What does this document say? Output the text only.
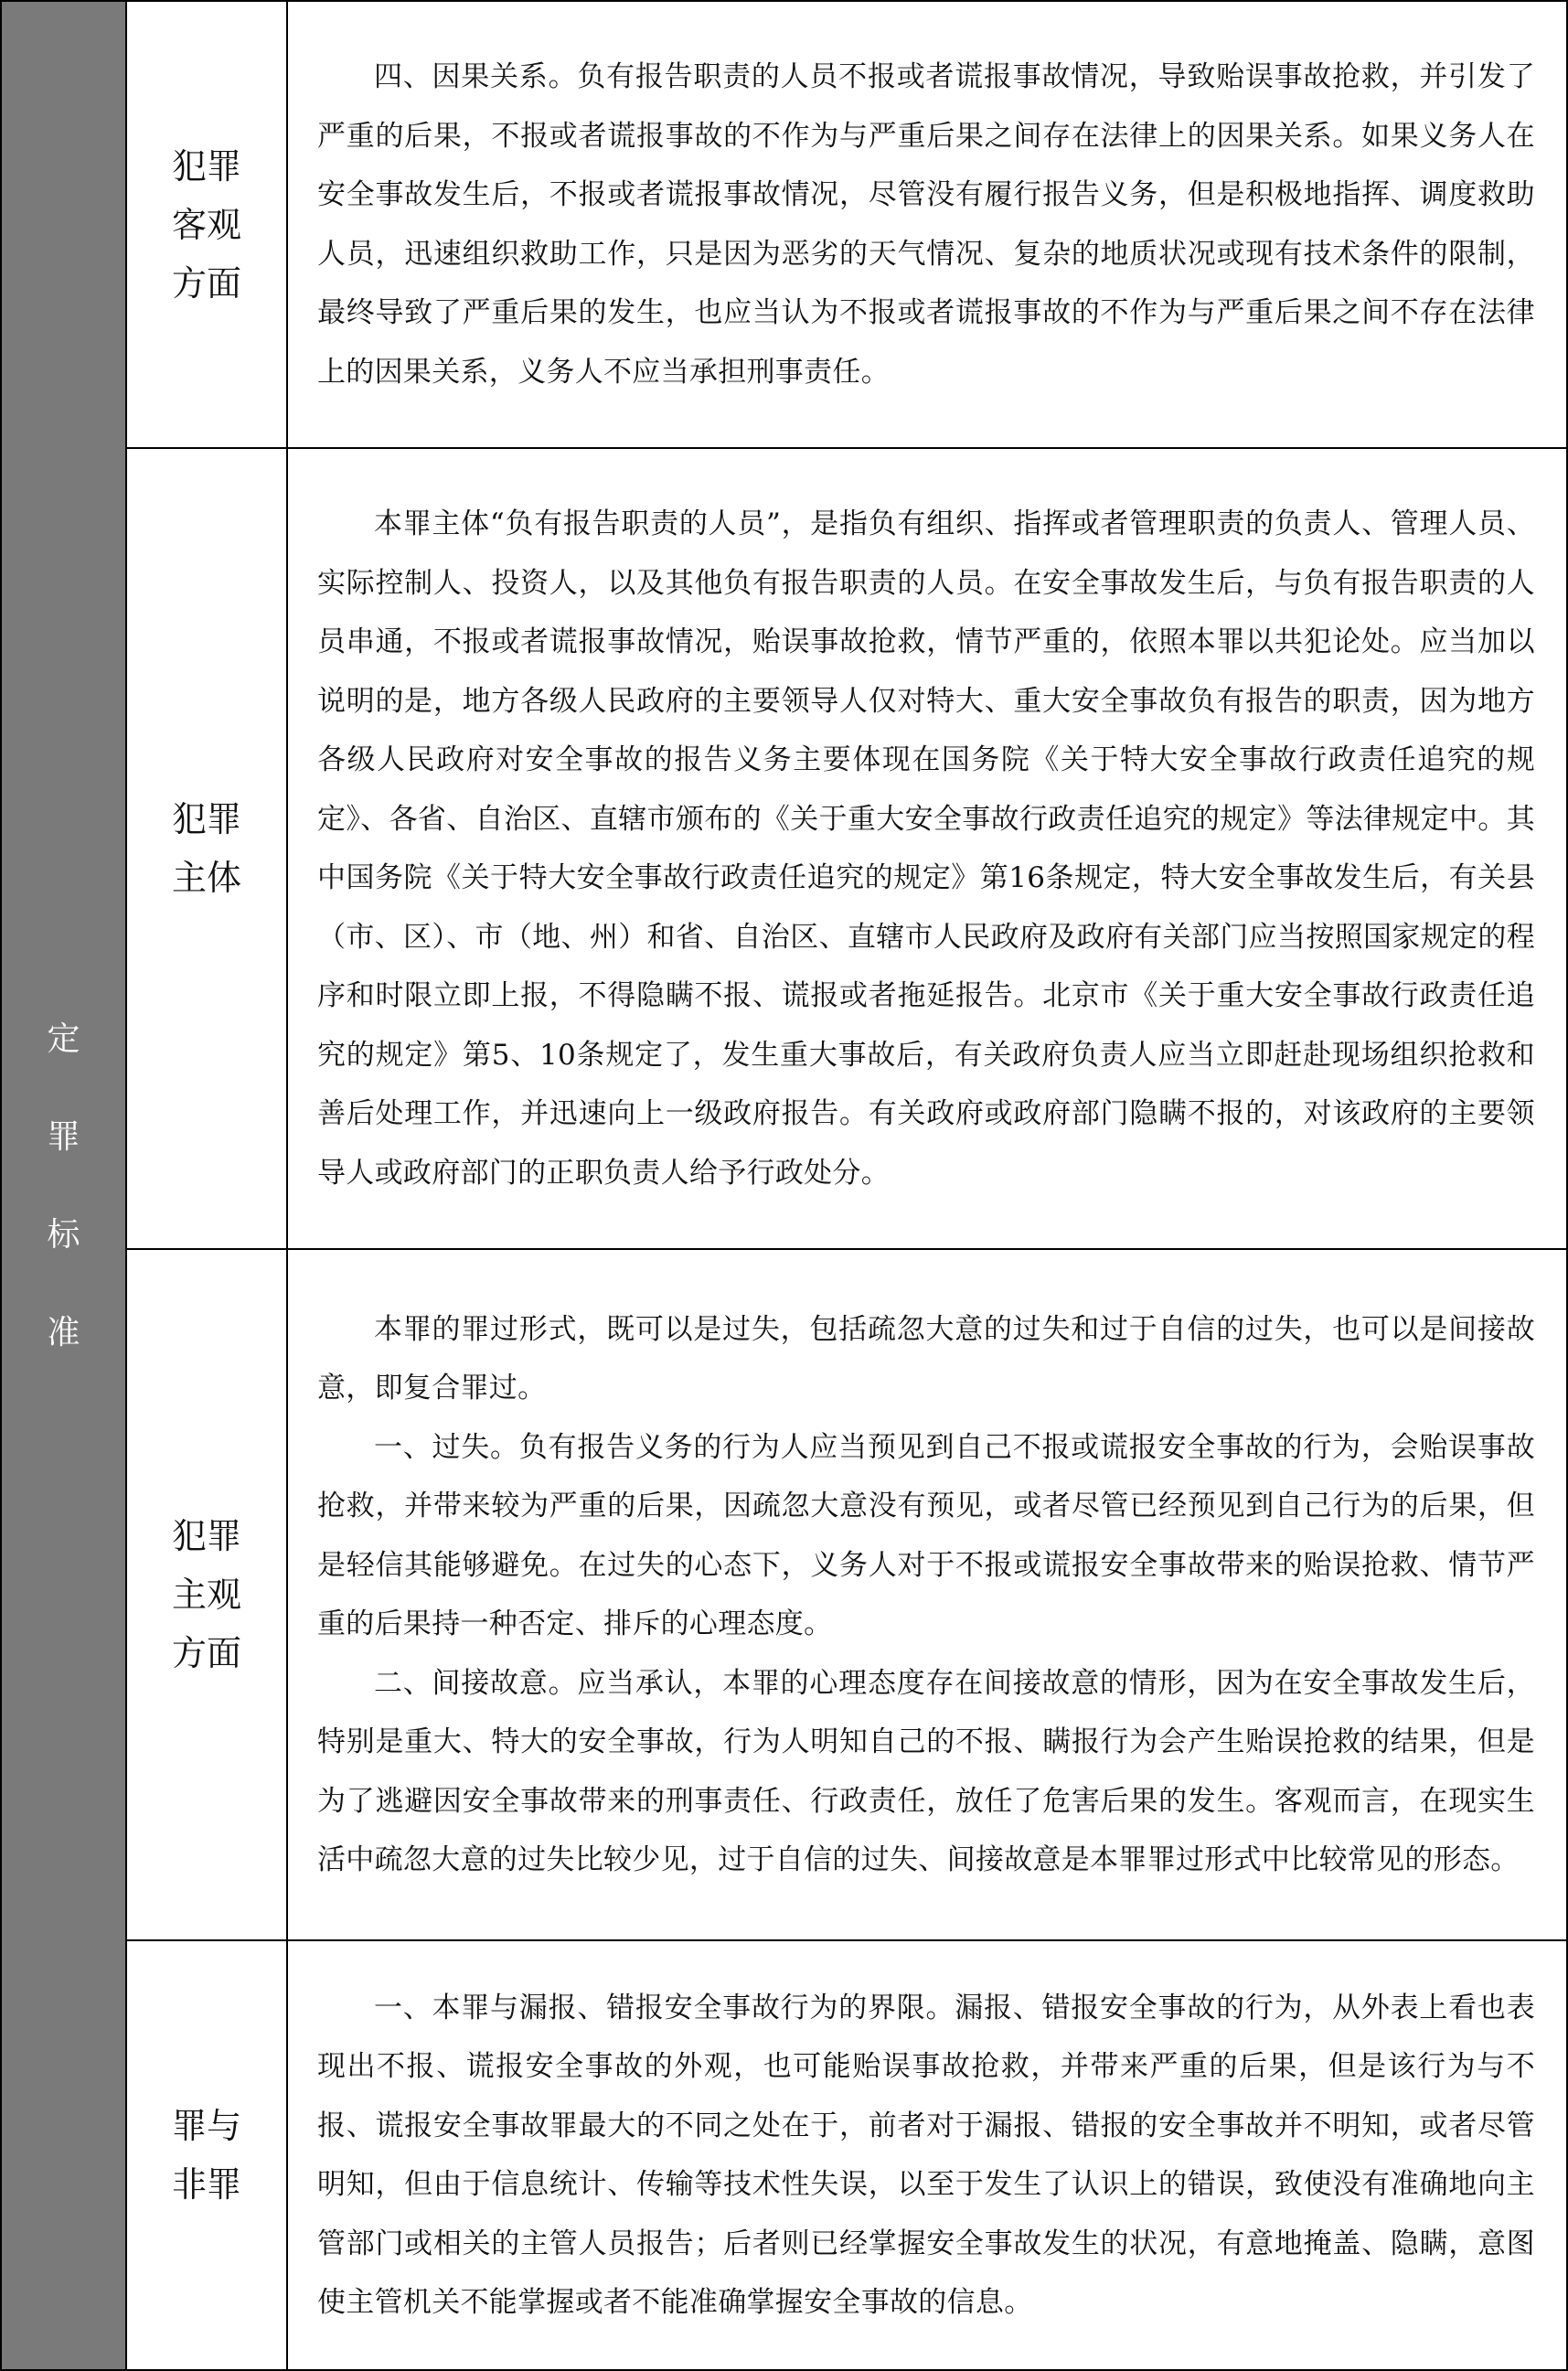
定罪标准	犯罪客观方面	四、因果关系。负有报告职责的人员不报或者谎报事故情况，导致贻误事故抢救，并引发了严重的后果，不报或者谎报事故的不作为与严重后果之间存在法律上的因果关系。如果义务人在安全事故发生后，不报或者谎报事故情况，尽管没有履行报告义务，但是积极地指挥、调度救助人员，迅速组织救助工作，只是因为恶劣的天气情况、复杂的地质状况或现有技术条件的限制，最终导致了严重后果的发生，也应当认为不报或者谎报事故的不作为与严重后果之间不存在法律上的因果关系，义务人不应当承担刑事责任。

	犯罪主体	本罪主体“负有报告职责的人员”，是指负有组织、指挥或者管理职责的负责人、管理人员、实际控制人、投资人，以及其他负有报告职责的人员。在安全事故发生后，与负有报告职责的人员串通，不报或者谎报事故情况，贻误事故抢救，情节严重的，依照本罪以共犯论处。应当加以说明的是，地方各级人民政府的主要领导人仅对特大、重大安全事故负有报告的职责，因为地方各级人民政府对安全事故的报告义务主要体现在国务院《关于特大安全事故行政责任追究的规定》、各省、自治区、直辖市颁布的《关于重大安全事故行政责任追究的规定》等法律规定中。其中国务院《关于特大安全事故行政责任追究的规定》第16条规定，特大安全事故发生后，有关县（市、区）、市（地、州）和省、自治区、直辖市人民政府及政府有关部门应当按照国家规定的程序和时限立即上报，不得隐瞒不报、谎报或者拖延报告。北京市《关于重大安全事故行政责任追究的规定》第5、10条规定了，发生重大事故后，有关政府负责人应当立即赶赴现场组织抢救和善后处理工作，并迅速向上一级政府报告。有关政府或政府部门隐瞒不报的，对该政府的主要领导人或政府部门的正职负责人给予行政处分。

	犯罪主观方面	本罪的罪过形式，既可以是过失，包括疏忽大意的过失和过于自信的过失，也可以是间接故意，即复合罪过。

一、过失。负有报告义务的行为人应当预见到自己不报或谎报安全事故的行为，会贻误事故抢救，并带来较为严重的后果，因疏忽大意没有预见，或者尽管已经预见到自己行为的后果，但是轻信其能够避免。在过失的心态下，义务人对于不报或谎报安全事故带来的贻误抢救、情节严重的后果持一种否定、排斥的心理态度。

二、间接故意。应当承认，本罪的心理态度存在间接故意的情形，因为在安全事故发生后，特别是重大、特大的安全事故，行为人明知自己的不报、瞒报行为会产生贻误抢救的结果，但是为了逃避因安全事故带来的刑事责任、行政责任，放任了危害后果的发生。客观而言，在现实生活中疏忽大意的过失比较少见，过于自信的过失、间接故意是本罪罪过形式中比较常见的形态。

	罪与非罪	一、本罪与漏报、错报安全事故行为的界限。漏报、错报安全事故的行为，从外表上看也表现出不报、谎报安全事故的外观，也可能贻误事故抢救，并带来严重的后果，但是该行为与不报、谎报安全事故罪最大的不同之处在于，前者对于漏报、错报的安全事故并不明知，或者尽管明知，但由于信息统计、传输等技术性失误，以至于发生了认识上的错误，致使没有准确地向主管部门或相关的主管人员报告；后者则已经掌握安全事故发生的状况，有意地掩盖、隐瞒，意图使主管机关不能掌握或者不能准确掌握安全事故的信息。
